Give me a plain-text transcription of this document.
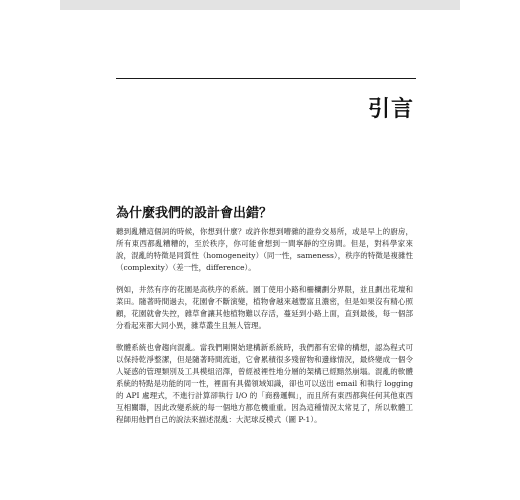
引言
為什麼我們的設計會出錯？

聽到亂糟這個詞的時候，你想到什麼？或許你想到嘈雜的證券交易所，或是早上的廚房，所有東西都亂糟糟的，至於秩序，你可能會想到一間寧靜的空房間。但是，對科學家來說，混亂的特徵是同質性（homogeneity）（同一性，sameness），秩序的特徵是複雜性（complexity）（差一性，difference）。

例如，井然有序的花園是高秩序的系統。園丁使用小路和柵欄劃分界限，並且劃出花壇和菜田。隨著時間過去，花園會不斷演變，植物會越來越豐富且濃密，但是如果沒有精心照顧，花園就會失控，雜草會讓其他植物難以存活，蔓延到小路上面，直到最後，每一個部分看起來都大同小異，雜草叢生且無人管理。

軟體系統也會趨向混亂。當我們剛開始建構新系統時，我們都有宏偉的構想，認為程式可以保持乾淨整潔，但是隨著時間流逝，它會累積很多殘留物和邊緣情況，最終變成一個令人疑惑的管理類別及工具模組沼澤，曾經被裡性地分層的架構已經黯然崩塌。混亂的軟體系統的特點是功能的同一性，裡面有具備領域知識，卻也可以送出 email 和執行 logging 的 API 處理式，不進行計算卻執行 I/O 的「商務邏輯」，而且所有東西都與任何其他東西互相關聯，因此改變系統的每一個地方都危機重重。因為這種情況太常見了，所以軟體工程師用他們自己的說法來描述混亂：大泥球反模式（圖 P-1）。
